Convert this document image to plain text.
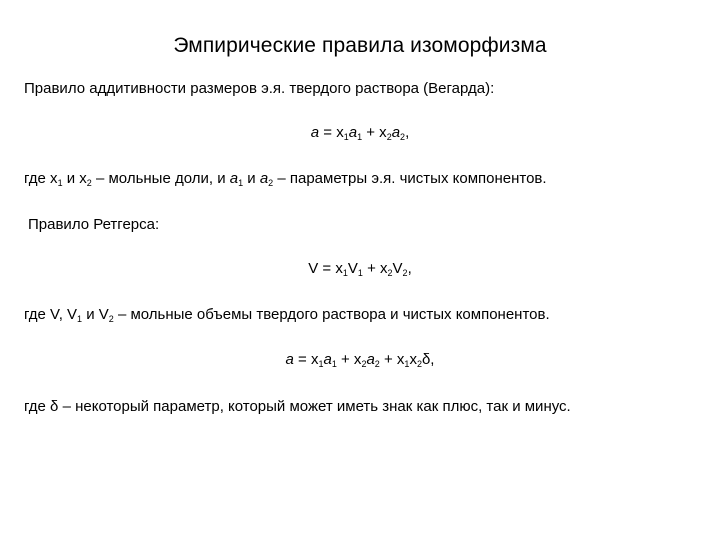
Эмпирические правила изоморфизма
Правило аддитивности размеров э.я. твердого раствора (Вегарда):
$a = x_1a_1 + x_2a_2$,
где $x_1$ и $x_2$ – мольные доли, и $a_1$ и $a_2$ – параметры э.я. чистых компонентов.
Правило Ретгерса:
$V = x_1V_1 + x_2V_2$,
где V, $V_1$ и $V_2$ – мольные объемы твердого раствора и чистых компонентов.
$a = x_1a_1 + x_2a_2 + x_1x_2\delta$,
где δ – некоторый параметр, который может иметь знак как плюс, так и минус.
